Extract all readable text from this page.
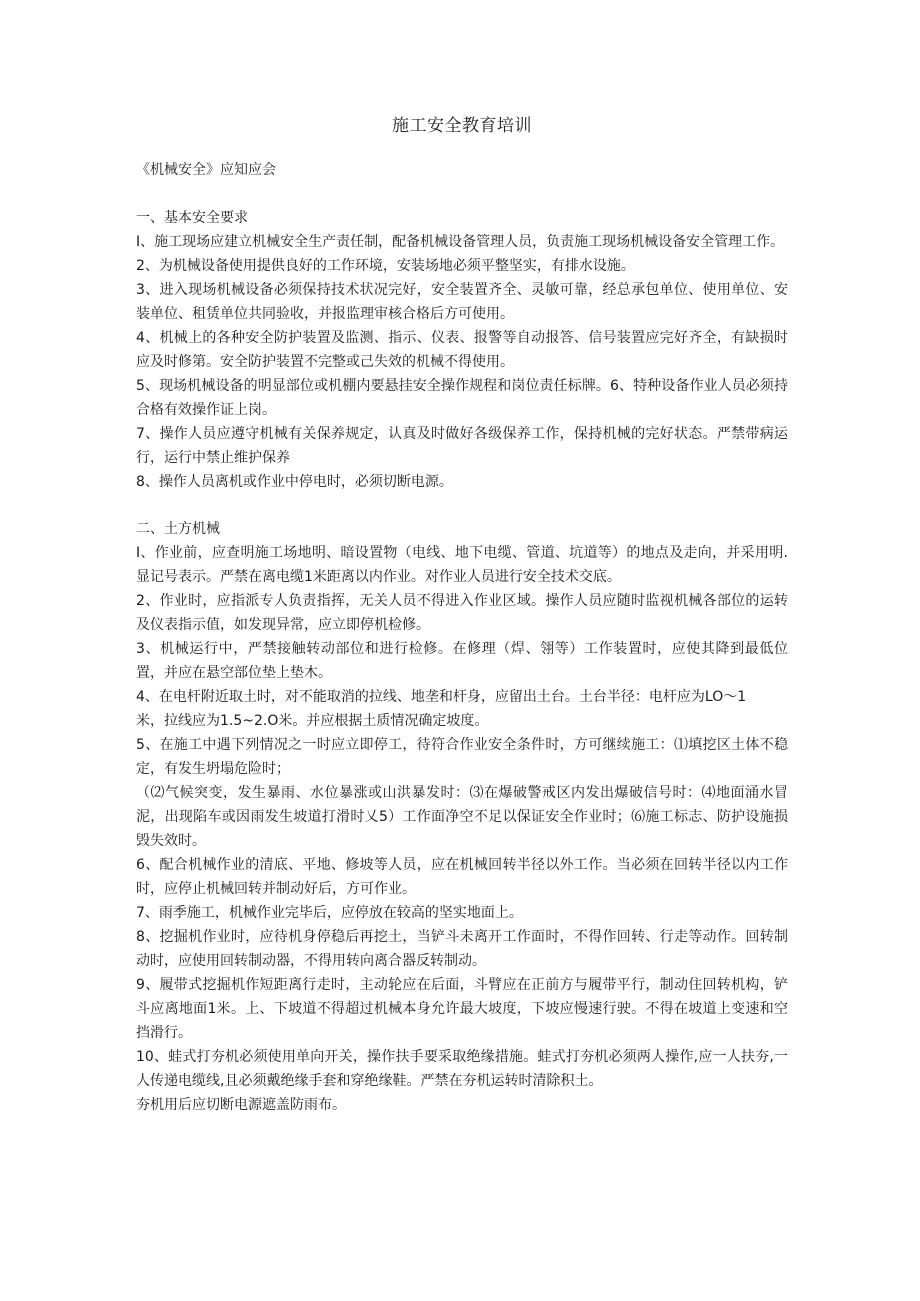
施工安全教育培训

《机械安全》应知应会

一、基本安全要求

I、施工现场应建立机械安全生产责任制，配备机械设备管理人员，负责施工现场机械设备安全管理工作。

2、为机械设备使用提供良好的工作环境，安装场地必须平整坚实，有排水设施。

3、进入现场机械设备必须保持技术状况完好，安全装置齐全、灵敏可靠，经总承包单位、使用单位、安装单位、租赁单位共同验收，并报监理审核合格后方可使用。

4、机械上的各种安全防护装置及监测、指示、仪表、报警等自动报答、信号装置应完好齐全，有缺损时应及时修第。安全防护装置不完整或己失效的机械不得使用。

5、现场机械设备的明显部位或机棚内要悬挂安全操作规程和岗位责任标牌。6、特种设备作业人员必须持合格有效操作证上岗。

7、操作人员应遵守机械有关保养规定，认真及时做好各级保养工作，保持机械的完好状态。严禁带病运行，运行中禁止维护保养

8、操作人员离机或作业中停电时，必须切断电源。

二、土方机械

I、作业前，应查明施工场地明、暗设置物（电线、地下电缆、管道、坑道等）的地点及走向，并采用明. 显记号表示。严禁在离电缆1米距离以内作业。对作业人员进行安全技术交底。

2、作业时，应指派专人负责指挥，无关人员不得进入作业区域。操作人员应随时监视机械各部位的运转及仪表指示值，如发现异常，应立即停机检修。

3、机械运行中，严禁接触转动部位和进行检修。在修理（焊、翎等）工作装置时，应使其降到最低位置，并应在悬空部位垫上垫木。

4、在电杆附近取土时，对不能取消的拉线、地垄和杆身，应留出土台。土台半径：电杆应为LO～1

米，拉线应为1.5~2.O米。并应根据土质情况确定坡度。

5、在施工中遇下列情况之一时应立即停工，待符合作业安全条件时，方可继续施工：⑴填挖区土体不稳定，有发生坍塌危险时；

（⑵气候突变，发生暴雨、水位暴涨或山洪暴发时：⑶在爆破警戒区内发出爆破信号时：⑷地面涌水冒泥，出现陷车或因雨发生坡道打滑时乂5）工作面净空不足以保证安全作业时；⑹施工标志、防护设施损毁失效时。

6、配合机械作业的清底、平地、修坡等人员，应在机械回转半径以外工作。当必须在回转半径以内工作时，应停止机械回转并制动好后，方可作业。

7、雨季施工，机械作业完毕后，应停放在较高的坚实地面上。

8、挖掘机作业时，应待机身停稳后再挖土，当铲斗未离开工作面时，不得作回转、行走等动作。回转制动时，应使用回转制动器，不得用转向离合器反转制动。

9、履带式挖掘机作短距离行走时，主动轮应在后面，斗臂应在正前方与履带平行，制动住回转机构，铲斗应离地面1米。上、下坡道不得超过机械本身允许最大坡度，下坡应慢速行驶。不得在坡道上变速和空挡滑行。

10、蛙式打夯机必须使用单向开关，操作扶手要采取绝缘措施。蛙式打夯机必须两人操作,应一人扶夯,一人传递电缆线,且必须戴绝缘手套和穿绝缘鞋。严禁在夯机运转时清除积土。

夯机用后应切断电源遮盖防雨布。
